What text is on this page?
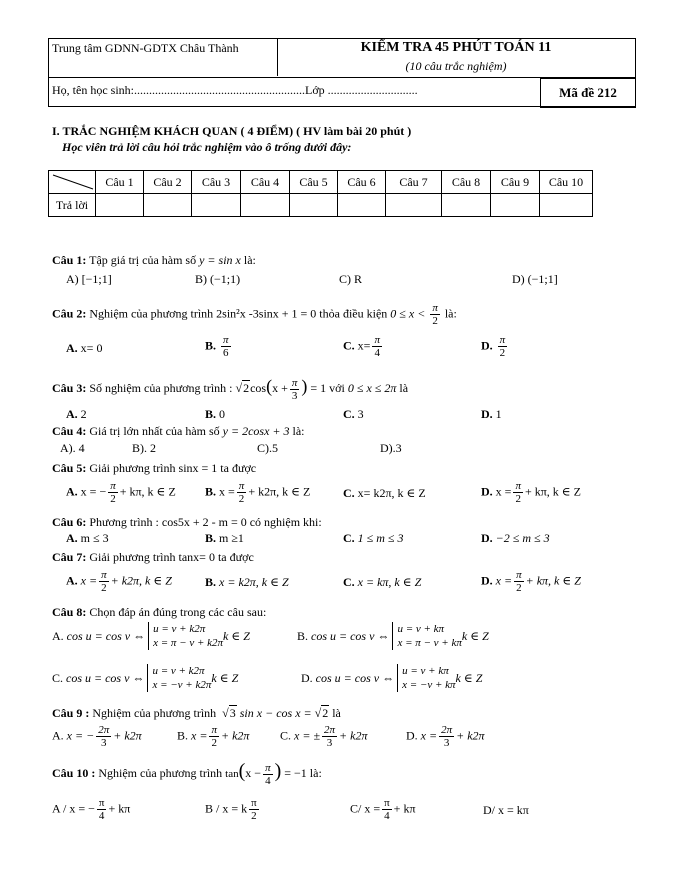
Trung tâm GDNN-GDTX Châu Thành	KIỂM TRA 45 PHÚT TOÁN 11
(10 câu trắc nghiệm)
Họ, tên học sinh:.........................................................Lớp ..............................	Mã đề 212
I. TRẮC NGHIỆM KHÁCH QUAN ( 4 ĐIỂM) ( HV làm bài 20 phút )
Học viên trả lời câu hỏi trắc nghiệm vào ô trống dưới đây:
	Câu 1	Câu 2	Câu 3	Câu 4	Câu 5	Câu 6	Câu 7	Câu 8	Câu 9	Câu 10
Trả lời										
Câu 1: Tập giá trị của hàm số y = sin x là:
A) [−1;1]	B) (−1;1)	C) R	D) (−1;1]
Câu 2: Nghiệm của phương trình 2sin²x -3sinx + 1 = 0 thỏa điều kiện $0 \le x < \frac{\pi}{2}$ là:
A. x= 0	B. $\frac{\pi}{6}$	C. $x= \frac{\pi}{4}$	D. $\frac{\pi}{2}$
Câu 3: Số nghiệm của phương trình : $√2\cos(x + \frac{\pi}{3}$ ) = 1 với 0 ≤ x ≤ 2π là
A. 2	B. 0	C. 3	D. 1
Câu 4: Giá trị lớn nhất của hàm số y = 2cosx + 3 là:
A). 4	B). 2	C).5	D).3
Câu 5: Giải phương trình sinx = 1 ta được
A. x = − $\frac{\pi}{2} + k\pi$, k ∈ Z B. $x = \frac{\pi}{2} + k2\pi$, k ∈ Z	C. x= k2π, k ∈ Z	D. $x = \frac{\pi}{2} + k\pi$, k ∈ Z
Câu 6: Phương trình : cos5x + 2 - m = 0 có nghiệm khi:
A. m ≤ 3	B. m ≥1	C. 1 ≤ m ≤ 3	D. −2 ≤ m ≤ 3
Câu 7: Giải phương trình tanx= 0 ta được
A. $x = \frac{\pi}{2} + k2\pi$, k ∈ Z	B. x = k2π, k ∈ Z	C. x = kπ, k ∈ Z	D. $x = \frac{\pi}{2} + k\pi$, k ∈ Z
Câu 8: Chọn đáp án đúng trong các câu sau:
A.
cos u = cos v ⇔
u = v + k2π
x = π − v + k2π
k ∈ Z	B.
cos u = cos v ⇔
u = v + kπ
x = π − v + kπ
k ∈ Z
C.
cos u = cos v ⇔
u = v + k2π
x = −v + k2π
k ∈ Z	D.
cos u = cos v ⇔
u = v + kπ
x = −v + kπ
k ∈ Z
Câu 9 : Nghiệm của phương trình  √3 sin x − cos x = √2 là
A. x = − $\frac{2\pi}{3} + k2\pi$	B. $x = \frac{\pi}{2} + k2\pi$	C. x = ± $\frac{2\pi}{3} + k2\pi$	D. $x = \frac{2\pi}{3} + k2\pi$
Câu 10 : Nghiệm của phương trình $\tan(x - \frac{\pi}{4}$ ) = −1 là:
A / x = − $\frac{\pi}{4} + k\pi$	B / x = k $\frac{\pi}{2}$	C/ $x = \frac{\pi}{4} + k\pi$	D/ x = kπ
